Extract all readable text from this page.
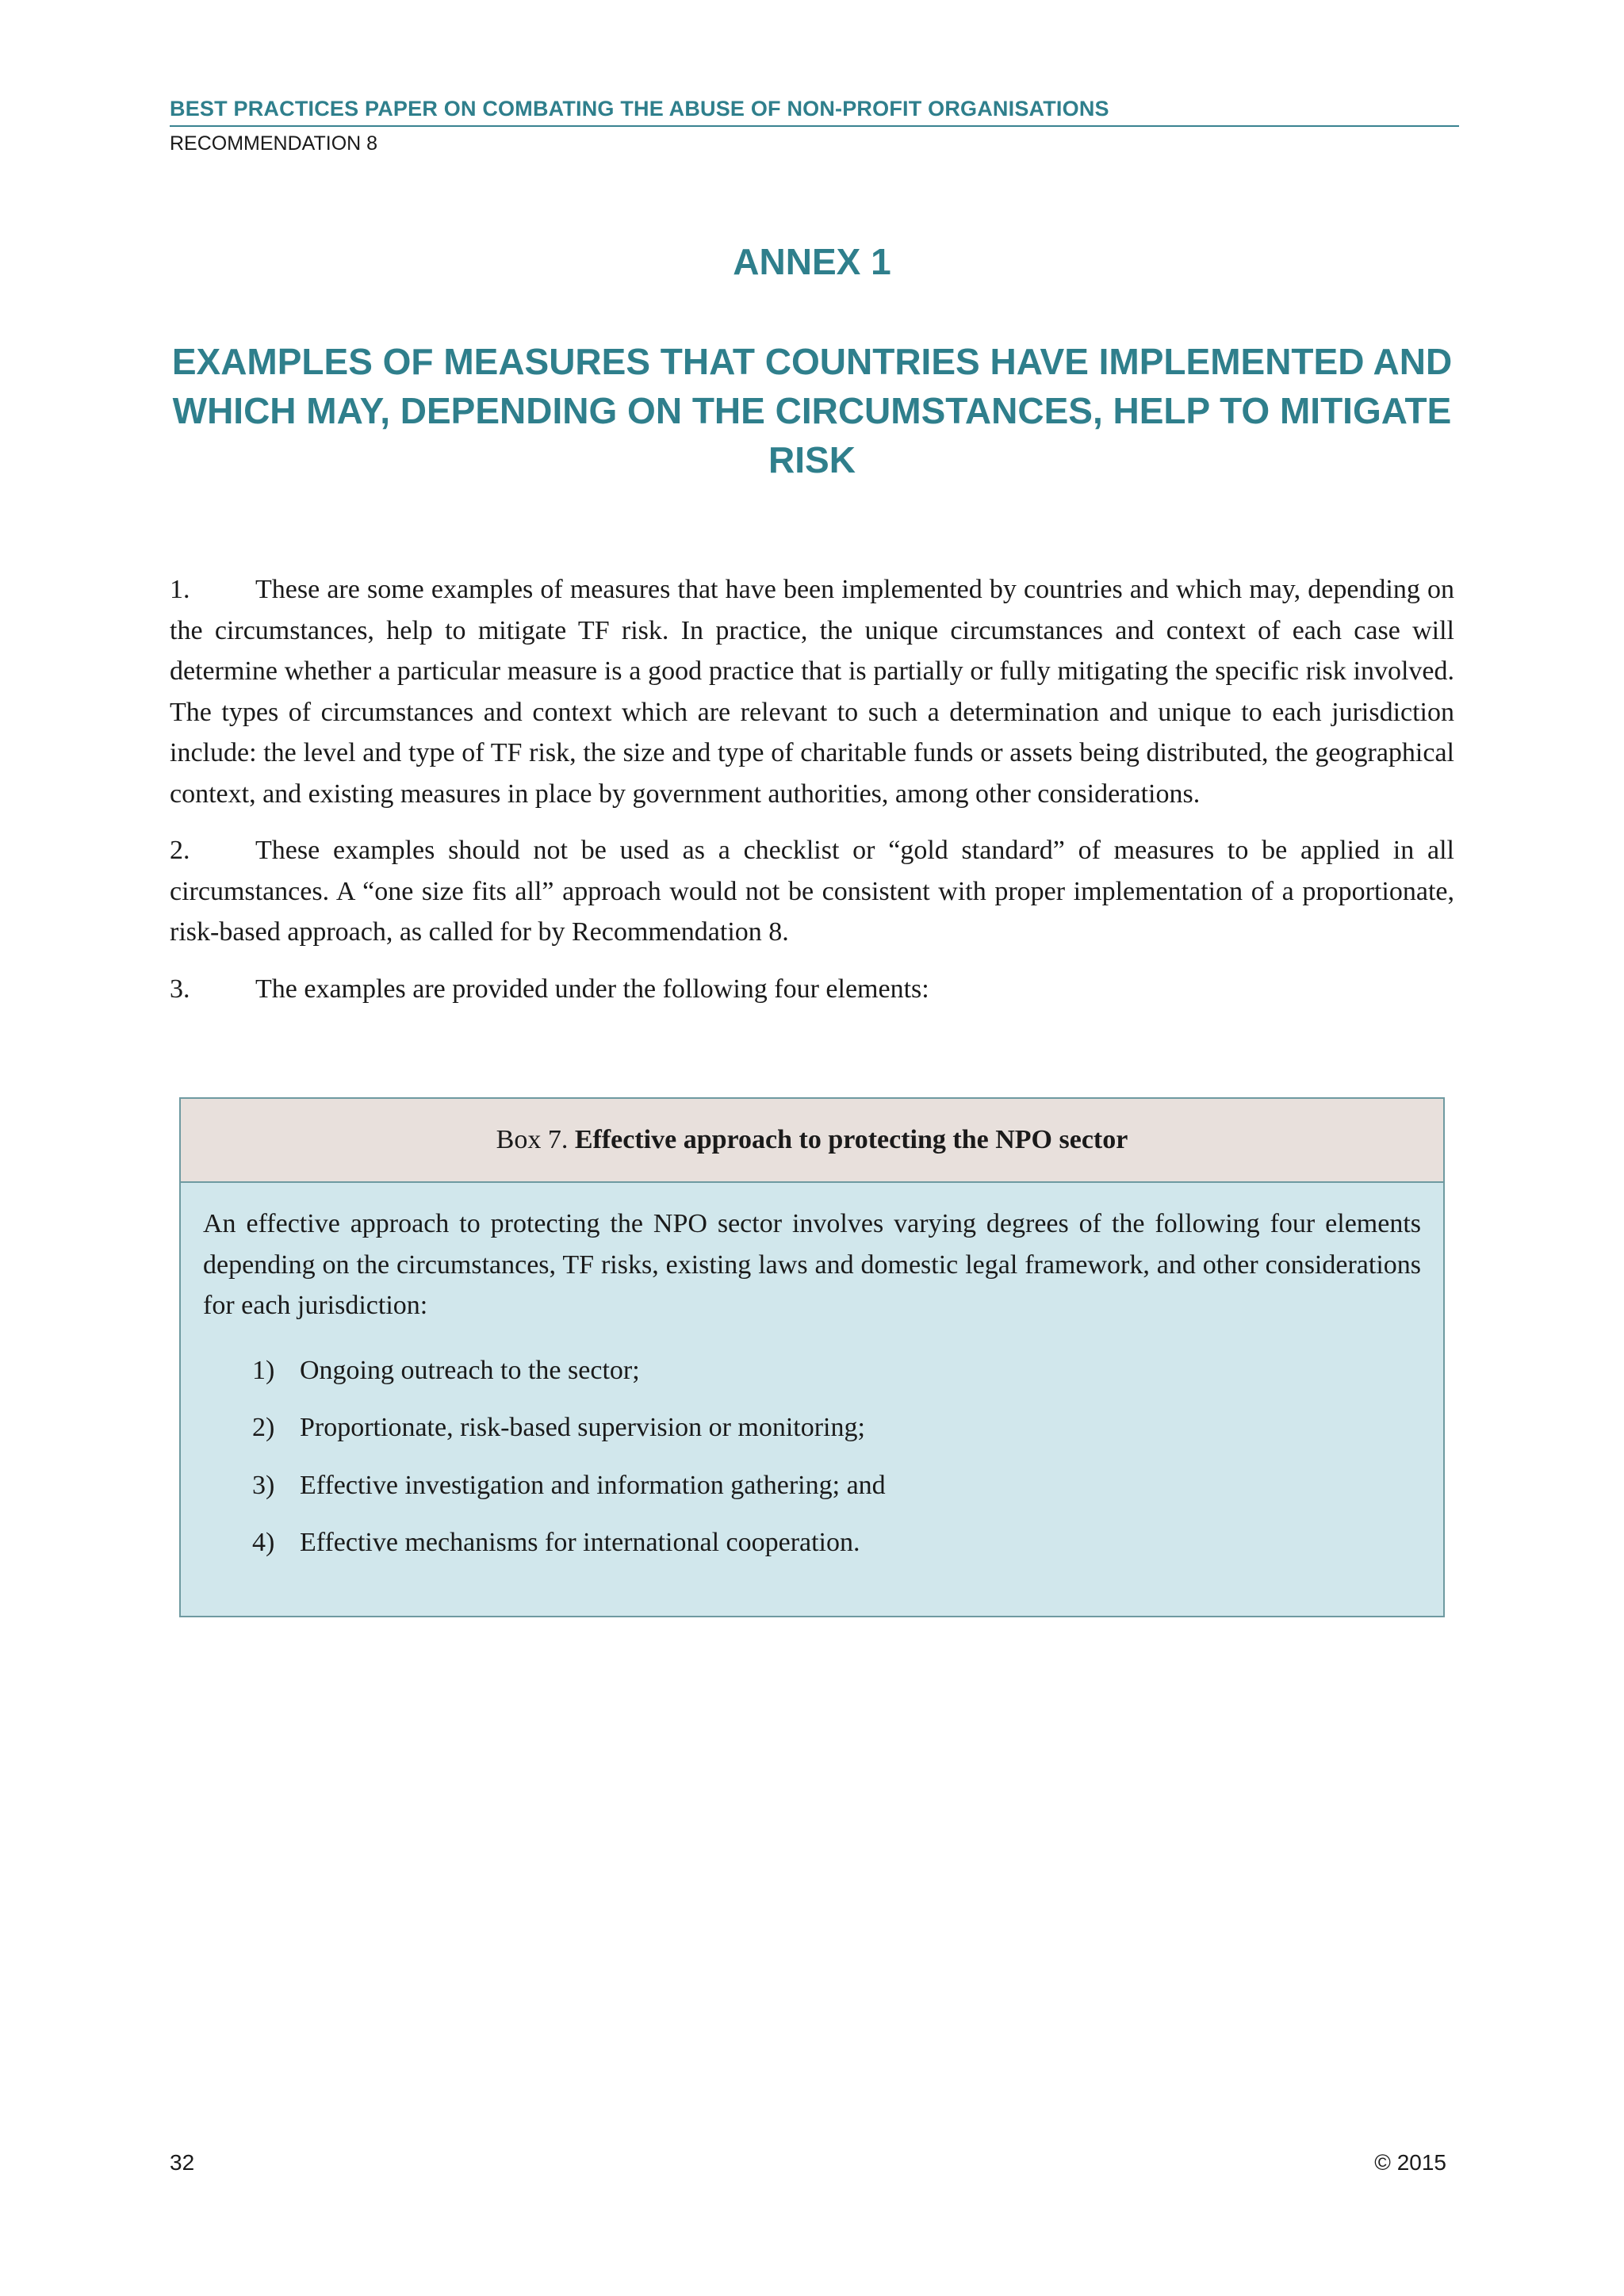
BEST PRACTICES PAPER ON COMBATING THE ABUSE OF NON-PROFIT ORGANISATIONS
RECOMMENDATION 8
ANNEX 1
EXAMPLES OF MEASURES THAT COUNTRIES HAVE IMPLEMENTED AND WHICH MAY, DEPENDING ON THE CIRCUMSTANCES, HELP TO MITIGATE RISK

1. These are some examples of measures that have been implemented by countries and which may, depending on the circumstances, help to mitigate TF risk. In practice, the unique circumstances and context of each case will determine whether a particular measure is a good practice that is partially or fully mitigating the specific risk involved. The types of circumstances and context which are relevant to such a determination and unique to each jurisdiction include: the level and type of TF risk, the size and type of charitable funds or assets being distributed, the geographical context, and existing measures in place by government authorities, among other considerations.

2. These examples should not be used as a checklist or “gold standard” of measures to be applied in all circumstances. A “one size fits all” approach would not be consistent with proper implementation of a proportionate, risk-based approach, as called for by Recommendation 8.

3. The examples are provided under the following four elements:

Box 7. Effective approach to protecting the NPO sector

An effective approach to protecting the NPO sector involves varying degrees of the following four elements depending on the circumstances, TF risks, existing laws and domestic legal framework, and other considerations for each jurisdiction:

1) Ongoing outreach to the sector;
2) Proportionate, risk-based supervision or monitoring;
3) Effective investigation and information gathering; and
4) Effective mechanisms for international cooperation.
32	© 2015
